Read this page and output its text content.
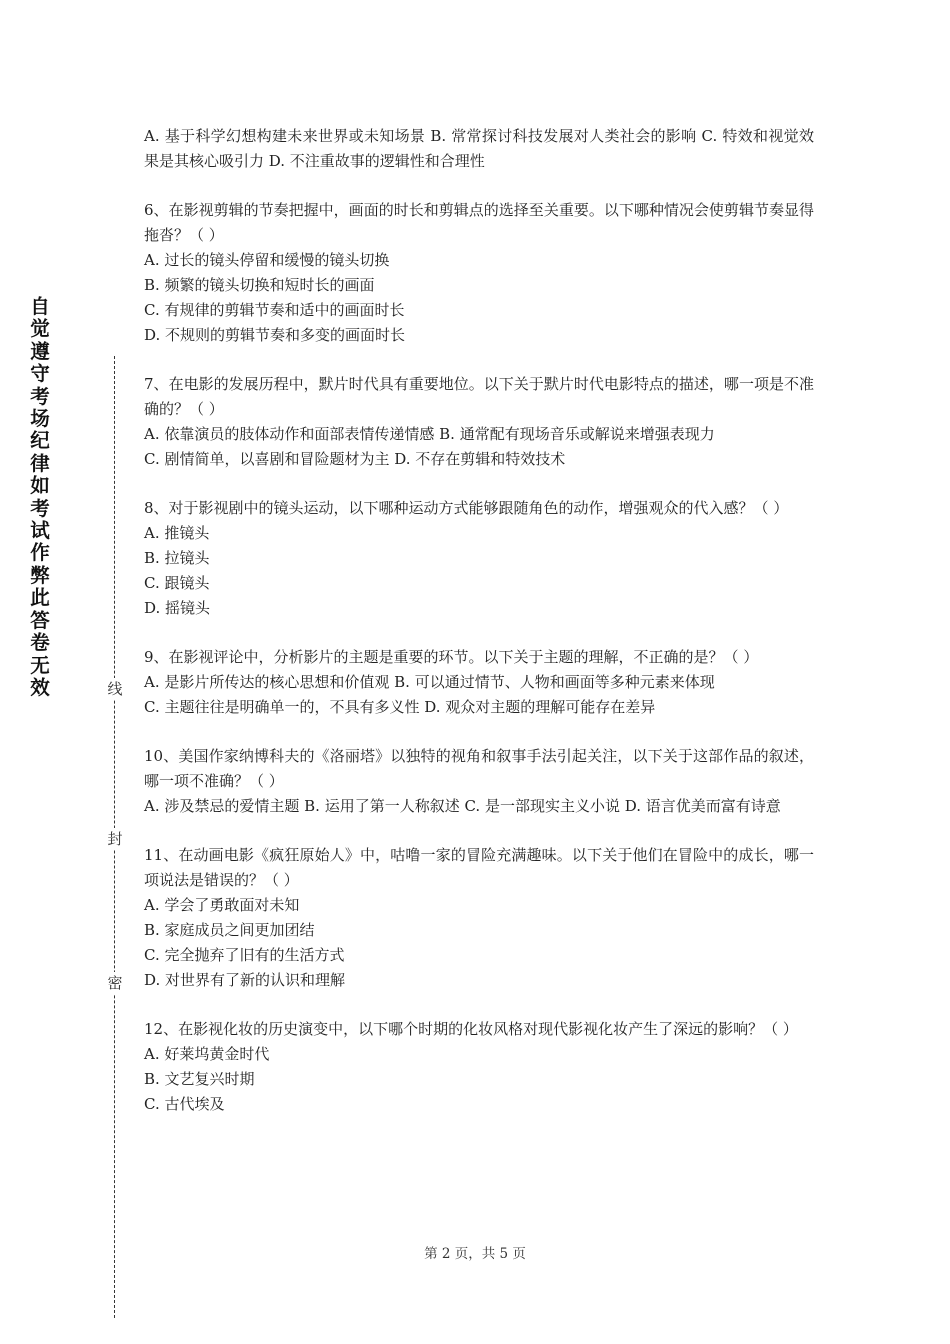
自觉遵守考场纪律如考试作弊此答卷无效	线
封
密
A. 基于科学幻想构建未来世界或未知场景 B. 常常探讨科技发展对人类社会的影响 C. 特效和视觉效果是其核心吸引力 D. 不注重故事的逻辑性和合理性
6、在影视剪辑的节奏把握中，画面的时长和剪辑点的选择至关重要。以下哪种情况会使剪辑节奏显得拖沓？（ ）
A. 过长的镜头停留和缓慢的镜头切换
B. 频繁的镜头切换和短时长的画面
C. 有规律的剪辑节奏和适中的画面时长
D. 不规则的剪辑节奏和多变的画面时长
7、在电影的发展历程中，默片时代具有重要地位。以下关于默片时代电影特点的描述，哪一项是不准确的？（ ）
A. 依靠演员的肢体动作和面部表情传递情感 B. 通常配有现场音乐或解说来增强表现力
C. 剧情简单，以喜剧和冒险题材为主 D. 不存在剪辑和特效技术
8、对于影视剧中的镜头运动，以下哪种运动方式能够跟随角色的动作，增强观众的代入感？（ ）
A. 推镜头
B. 拉镜头
C. 跟镜头
D. 摇镜头
9、在影视评论中，分析影片的主题是重要的环节。以下关于主题的理解，不正确的是？（ ）
A. 是影片所传达的核心思想和价值观 B. 可以通过情节、人物和画面等多种元素来体现
C. 主题往往是明确单一的，不具有多义性 D. 观众对主题的理解可能存在差异
10、美国作家纳博科夫的《洛丽塔》以独特的视角和叙事手法引起关注，以下关于这部作品的叙述，哪一项不准确？（ ）
A. 涉及禁忌的爱情主题 B. 运用了第一人称叙述 C. 是一部现实主义小说 D. 语言优美而富有诗意
11、在动画电影《疯狂原始人》中，咕噜一家的冒险充满趣味。以下关于他们在冒险中的成长，哪一项说法是错误的？（ ）
A. 学会了勇敢面对未知
B. 家庭成员之间更加团结
C. 完全抛弃了旧有的生活方式
D. 对世界有了新的认识和理解
12、在影视化妆的历史演变中，以下哪个时期的化妆风格对现代影视化妆产生了深远的影响？（ ）
A. 好莱坞黄金时代
B. 文艺复兴时期
C. 古代埃及
第 2 页，共 5 页
